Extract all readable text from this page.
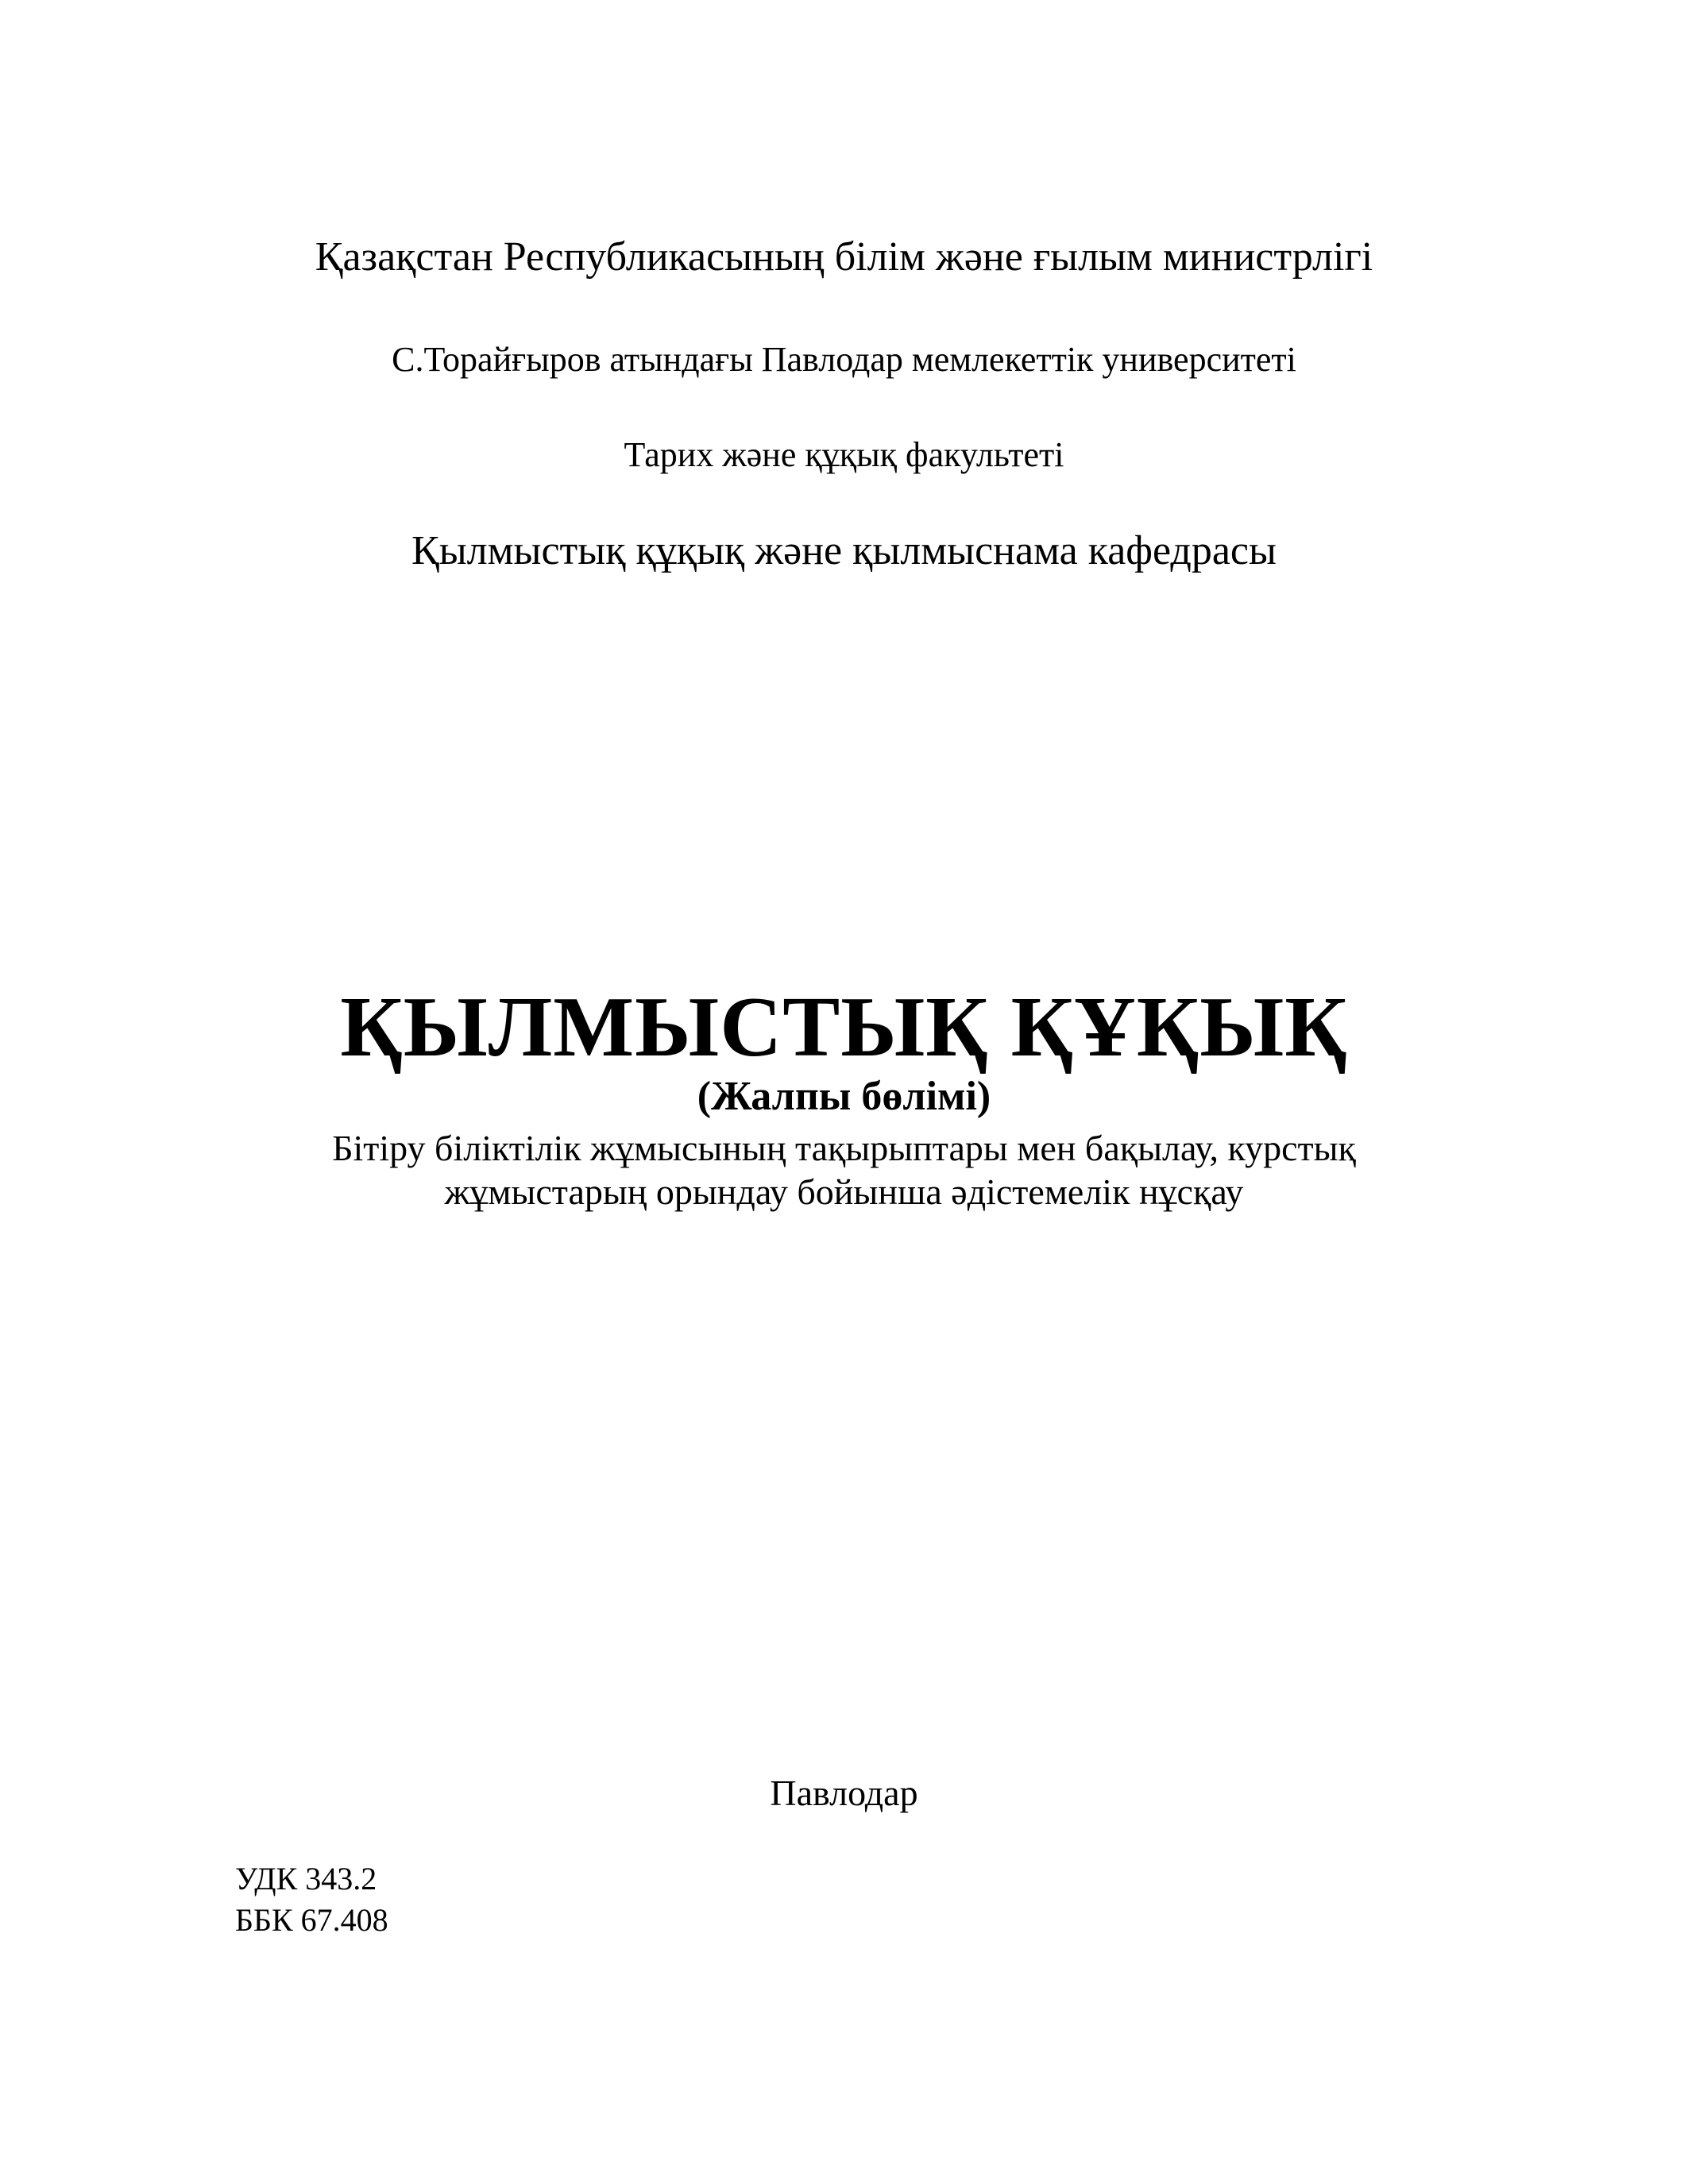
Қазақстан Республикасының білім және ғылым министрлігі
С.Торайғыров атындағы Павлодар мемлекеттік университеті
Тарих және құқық факультеті
Қылмыстық құқық және қылмыснама кафедрасы
ҚЫЛМЫСТЫҚ ҚҰҚЫҚ
(Жалпы бөлімі)
Бітіру біліктілік жұмысының тақырыптары мен бақылау, курстық
жұмыстарың орындау бойынша әдістемелік нұсқау
Павлодар
УДК 343.2
ББК 67.408
